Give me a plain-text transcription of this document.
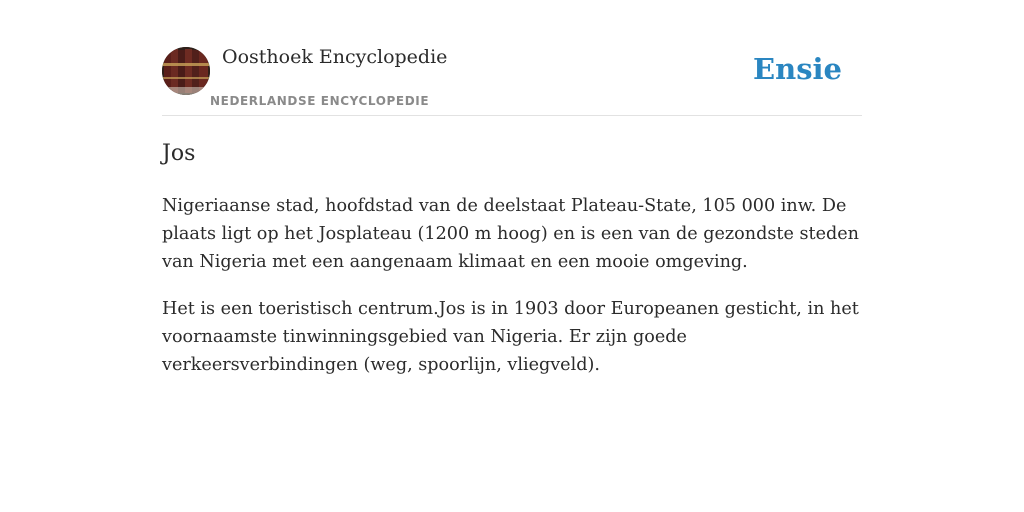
Oosthoek Encyclopedie
NEDERLANDSE ENCYCLOPEDIE
Ensie
Jos

Nigeriaanse stad, hoofdstad van de deelstaat Plateau-State, 105 000 inw. De plaats ligt op het Josplateau (1200 m hoog) en is een van de gezondste steden van Nigeria met een aangenaam klimaat en een mooie omgeving.

Het is een toeristisch centrum.Jos is in 1903 door Europeanen gesticht, in het voornaamste tinwinningsgebied van Nigeria. Er zijn goede verkeersverbindingen (weg, spoorlijn, vliegveld).
